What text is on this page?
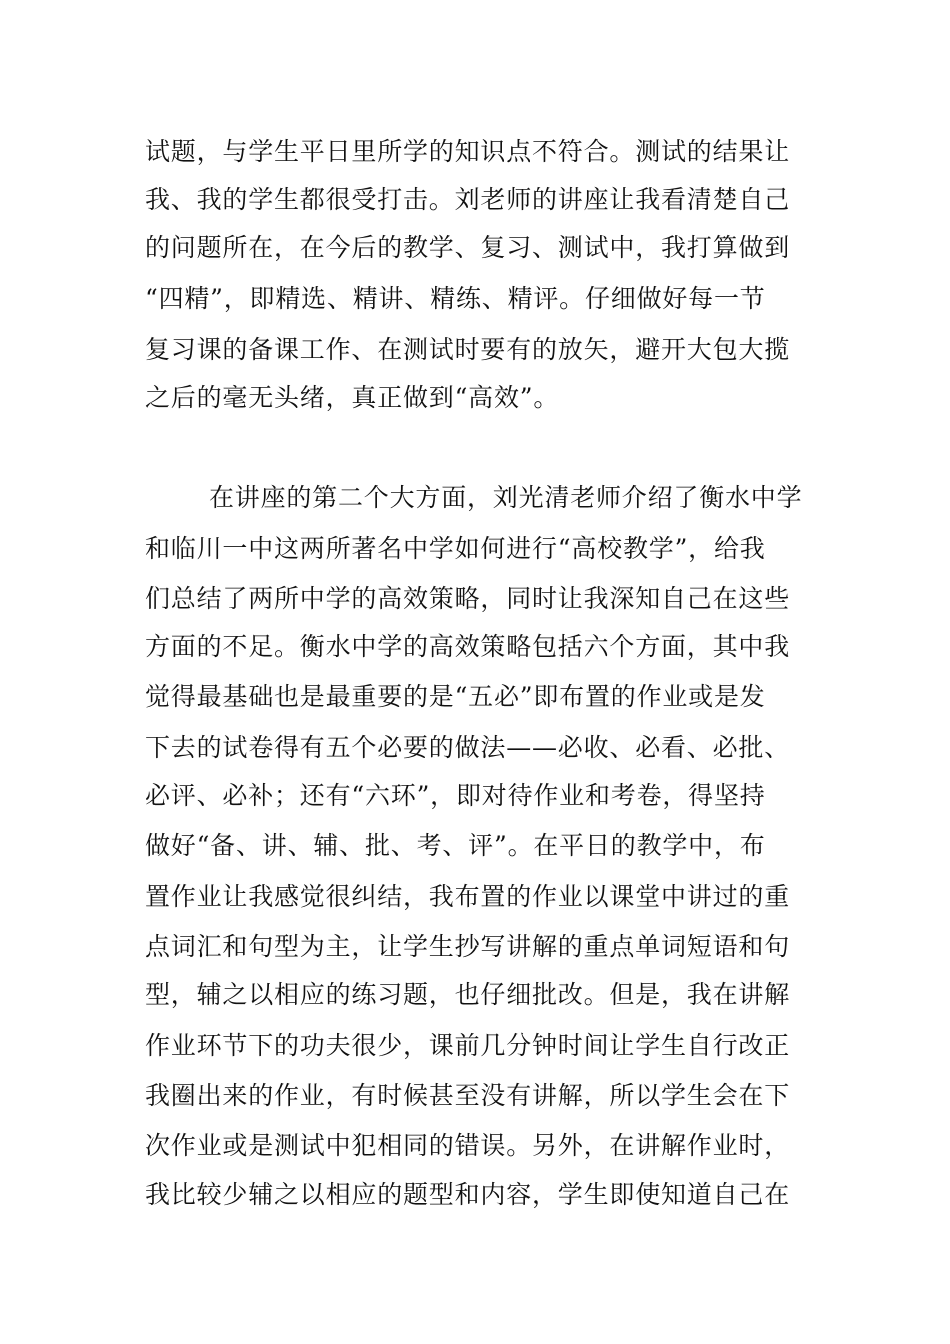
试题，与学生平日里所学的知识点不符合。测试的结果让
我、我的学生都很受打击。刘老师的讲座让我看清楚自己
的问题所在，在今后的教学、复习、测试中，我打算做到
“四精”，即精选、精讲、精练、精评。仔细做好每一节
复习课的备课工作、在测试时要有的放矢，避开大包大揽
之后的毫无头绪，真正做到“高效”。
在讲座的第二个大方面，刘光清老师介绍了衡水中学
和临川一中这两所著名中学如何进行“高校教学”，给我
们总结了两所中学的高效策略，同时让我深知自己在这些
方面的不足。衡水中学的高效策略包括六个方面，其中我
觉得最基础也是最重要的是“五必”即布置的作业或是发
下去的试卷得有五个必要的做法——必收、必看、必批、
必评、必补；还有“六环”，即对待作业和考卷，得坚持
做好“备、讲、辅、批、考、评”。在平日的教学中，布
置作业让我感觉很纠结，我布置的作业以课堂中讲过的重
点词汇和句型为主，让学生抄写讲解的重点单词短语和句
型，辅之以相应的练习题，也仔细批改。但是，我在讲解
作业环节下的功夫很少，课前几分钟时间让学生自行改正
我圈出来的作业，有时候甚至没有讲解，所以学生会在下
次作业或是测试中犯相同的错误。另外，在讲解作业时，
我比较少辅之以相应的题型和内容，学生即使知道自己在
